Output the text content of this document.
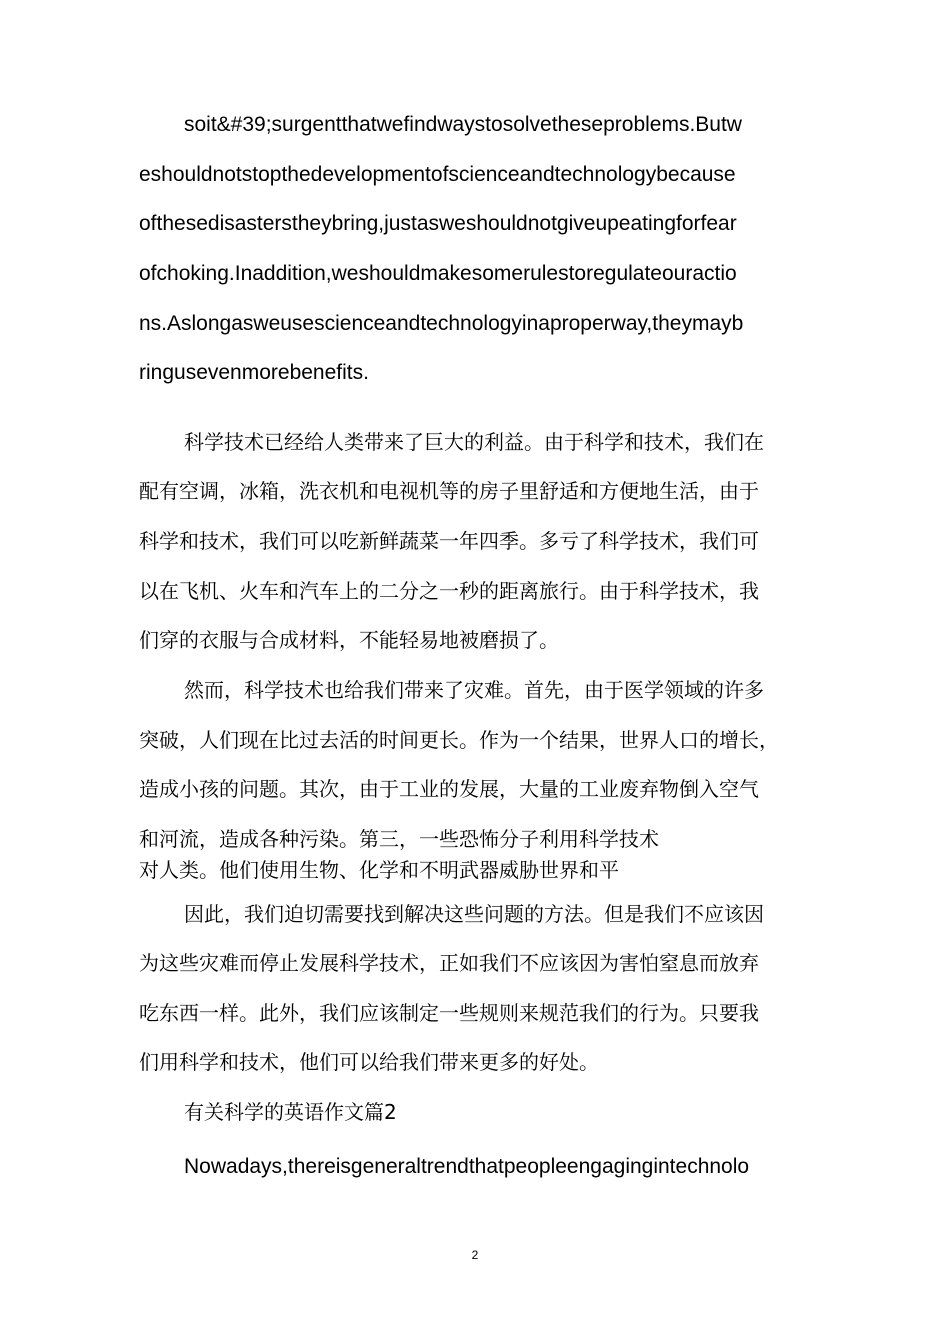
soit&#39;surgentthatwefindwaystosolvetheseproblems.Butw
eshouldnotstopthedevelopmentofscienceandtechnologybecause
ofthesedisasterstheybring,justasweshouldnotgiveupeatingforfear
ofchoking.Inaddition,weshouldmakesomerulestoregulateouractio
ns.Aslongasweusescienceandtechnologyinaproperway,theymayb
ringusevenmorebenefits.
科学技术已经给人类带来了巨大的利益。由于科学和技术，我们在
配有空调，冰箱，洗衣机和电视机等的房子里舒适和方便地生活，由于
科学和技术，我们可以吃新鲜蔬菜一年四季。多亏了科学技术，我们可
以在飞机、火车和汽车上的二分之一秒的距离旅行。由于科学技术，我
们穿的衣服与合成材料，不能轻易地被磨损了。
然而，科学技术也给我们带来了灾难。首先，由于医学领域的许多
突破，人们现在比过去活的时间更长。作为一个结果，世界人口的增长，
造成小孩的问题。其次，由于工业的发展，大量的工业废弃物倒入空气
和河流，造成各种污染。第三，一些恐怖分子利用科学技术
对人类。他们使用生物、化学和不明武器威胁世界和平
因此，我们迫切需要找到解决这些问题的方法。但是我们不应该因
为这些灾难而停止发展科学技术，正如我们不应该因为害怕窒息而放弃
吃东西一样。此外，我们应该制定一些规则来规范我们的行为。只要我
们用科学和技术，他们可以给我们带来更多的好处。
有关科学的英语作文篇2
Nowadays,thereisgeneraltrendthatpeopleengagingintechnolo
2
